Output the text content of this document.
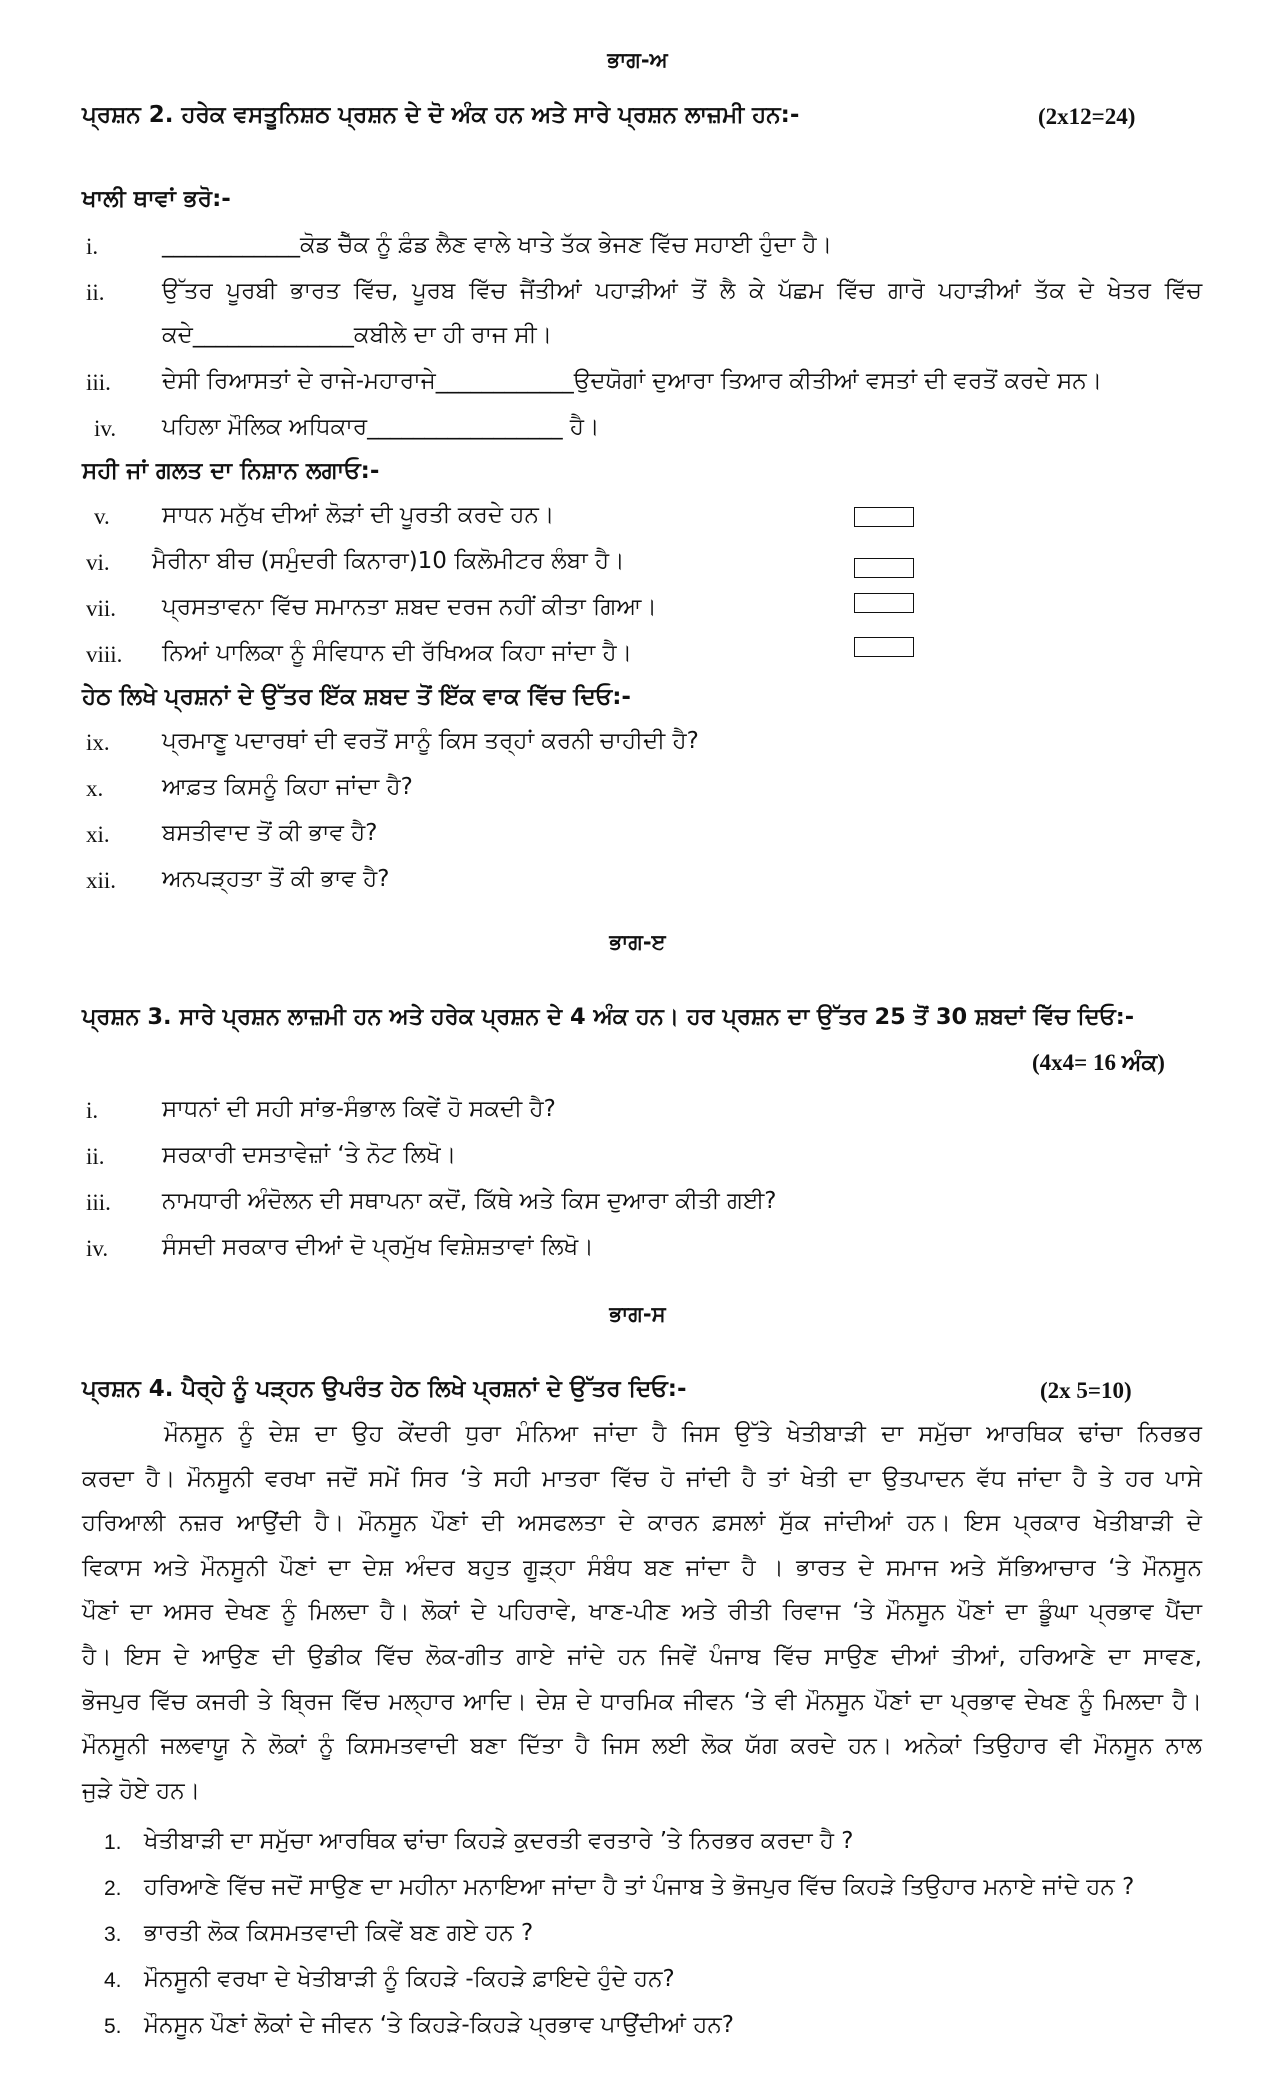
ਭਾਗ-ਅ
ਪ੍ਰਸ਼ਨ 2. ਹਰੇਕ ਵਸਤੂਨਿਸ਼ਠ ਪ੍ਰਸ਼ਨ ਦੇ ਦੋ ਅੰਕ ਹਨ ਅਤੇ ਸਾਰੇ ਪ੍ਰਸ਼ਨ ਲਾਜ਼ਮੀ ਹਨ:-	(2x12=24)
ਖਾਲੀ ਥਾਵਾਂ ਭਰੋ:-
i.	____________ਕੋਡ ਚੈੱਕ ਨੂੰ ਫ਼ੰਡ ਲੈਣ ਵਾਲੇ ਖਾਤੇ ਤੱਕ ਭੇਜਣ ਵਿੱਚ ਸਹਾਈ ਹੁੰਦਾ ਹੈ।
ii. ਉੱਤਰ ਪੂਰਬੀ ਭਾਰਤ ਵਿੱਚ, ਪੂਰਬ ਵਿੱਚ ਜੈਂਤੀਆਂ ਪਹਾੜੀਆਂ ਤੋਂ ਲੈ ਕੇ ਪੱਛਮ ਵਿੱਚ ਗਾਰੋ ਪਹਾੜੀਆਂ ਤੱਕ ਦੇ ਖੇਤਰ ਵਿੱਚ
ਕਦੇ______________ਕਬੀਲੇ ਦਾ ਹੀ ਰਾਜ ਸੀ।
iii. ਦੇਸੀ ਰਿਆਸਤਾਂ ਦੇ ਰਾਜੇ-ਮਹਾਰਾਜੇ____________ਉਦਯੋਗਾਂ ਦੁਆਰਾ ਤਿਆਰ ਕੀਤੀਆਂ ਵਸਤਾਂ ਦੀ ਵਰਤੋਂ ਕਰਦੇ ਸਨ।
iv. ਪਹਿਲਾ ਮੌਲਿਕ ਅਧਿਕਾਰ_________________ ਹੈ।
ਸਹੀ ਜਾਂ ਗਲਤ ਦਾ ਨਿਸ਼ਾਨ ਲਗਾਓ:-
v. ਸਾਧਨ ਮਨੁੱਖ ਦੀਆਂ ਲੋੜਾਂ ਦੀ ਪੂਰਤੀ ਕਰਦੇ ਹਨ।
vi. ਮੈਰੀਨਾ ਬੀਚ (ਸਮੁੰਦਰੀ ਕਿਨਾਰਾ)10 ਕਿਲੋਮੀਟਰ ਲੰਬਾ ਹੈ।
vii. ਪ੍ਰਸਤਾਵਨਾ ਵਿੱਚ ਸਮਾਨਤਾ ਸ਼ਬਦ ਦਰਜ ਨਹੀਂ ਕੀਤਾ ਗਿਆ।
viii. ਨਿਆਂ ਪਾਲਿਕਾ ਨੂੰ ਸੰਵਿਧਾਨ ਦੀ ਰੱਖਿਅਕ ਕਿਹਾ ਜਾਂਦਾ ਹੈ।
ਹੇਠ ਲਿਖੇ ਪ੍ਰਸ਼ਨਾਂ ਦੇ ਉੱਤਰ ਇੱਕ ਸ਼ਬਦ ਤੋਂ ਇੱਕ ਵਾਕ ਵਿੱਚ ਦਿਓ:-
ix. ਪ੍ਰਮਾਣੂ ਪਦਾਰਥਾਂ ਦੀ ਵਰਤੋਂ ਸਾਨੂੰ ਕਿਸ ਤਰ੍ਹਾਂ ਕਰਨੀ ਚਾਹੀਦੀ ਹੈ?
x.	ਆਫ਼ਤ ਕਿਸਨੂੰ ਕਿਹਾ ਜਾਂਦਾ ਹੈ?
xi. ਬਸਤੀਵਾਦ ਤੋਂ ਕੀ ਭਾਵ ਹੈ?
xii. ਅਨਪੜ੍ਹਤਾ ਤੋਂ ਕੀ ਭਾਵ ਹੈ?
ਭਾਗ-ੲ
ਪ੍ਰਸ਼ਨ 3. ਸਾਰੇ ਪ੍ਰਸ਼ਨ ਲਾਜ਼ਮੀ ਹਨ ਅਤੇ ਹਰੇਕ ਪ੍ਰਸ਼ਨ ਦੇ 4 ਅੰਕ ਹਨ। ਹਰ ਪ੍ਰਸ਼ਨ ਦਾ ਉੱਤਰ 25 ਤੋਂ 30 ਸ਼ਬਦਾਂ ਵਿੱਚ ਦਿਓ:-
(4x4= 16 ਅੰਕ)
i.	ਸਾਧਨਾਂ ਦੀ ਸਹੀ ਸਾਂਭ-ਸੰਭਾਲ ਕਿਵੇਂ ਹੋ ਸਕਦੀ ਹੈ?
ii. ਸਰਕਾਰੀ ਦਸਤਾਵੇਜ਼ਾਂ ‘ਤੇ ਨੋਟ ਲਿਖੋ।
iii. ਨਾਮਧਾਰੀ ਅੰਦੋਲਨ ਦੀ ਸਥਾਪਨਾ ਕਦੋਂ, ਕਿੱਥੇ ਅਤੇ ਕਿਸ ਦੁਆਰਾ ਕੀਤੀ ਗਈ?
iv. ਸੰਸਦੀ ਸਰਕਾਰ ਦੀਆਂ ਦੋ ਪ੍ਰਮੁੱਖ ਵਿਸ਼ੇਸ਼ਤਾਵਾਂ ਲਿਖੋ।
ਭਾਗ-ਸ
ਪ੍ਰਸ਼ਨ 4. ਪੈਰ੍ਹੇ ਨੂੰ ਪੜ੍ਹਨ ਉਪਰੰਤ ਹੇਠ ਲਿਖੇ ਪ੍ਰਸ਼ਨਾਂ ਦੇ ਉੱਤਰ ਦਿਓ:-	(2x 5=10)
ਮੌਨਸੂਨ ਨੂੰ ਦੇਸ਼ ਦਾ ਉਹ ਕੇਂਦਰੀ ਧੁਰਾ ਮੰਨਿਆ ਜਾਂਦਾ ਹੈ ਜਿਸ ਉੱਤੇ ਖੇਤੀਬਾੜੀ ਦਾ ਸਮੁੱਚਾ ਆਰਥਿਕ ਢਾਂਚਾ ਨਿਰਭਰ
ਕਰਦਾ ਹੈ। ਮੌਨਸੂਨੀ ਵਰਖਾ ਜਦੋਂ ਸਮੇਂ ਸਿਰ ‘ਤੇ ਸਹੀ ਮਾਤਰਾ ਵਿੱਚ ਹੋ ਜਾਂਦੀ ਹੈ ਤਾਂ ਖੇਤੀ ਦਾ ਉਤਪਾਦਨ ਵੱਧ ਜਾਂਦਾ ਹੈ ਤੇ ਹਰ ਪਾਸੇ
ਹਰਿਆਲੀ ਨਜ਼ਰ ਆਉਂਦੀ ਹੈ। ਮੌਨਸੂਨ ਪੌਣਾਂ ਦੀ ਅਸਫਲਤਾ ਦੇ ਕਾਰਨ ਫ਼ਸਲਾਂ ਸੁੱਕ ਜਾਂਦੀਆਂ ਹਨ। ਇਸ ਪ੍ਰਕਾਰ ਖੇਤੀਬਾੜੀ ਦੇ
ਵਿਕਾਸ ਅਤੇ ਮੌਨਸੂਨੀ ਪੌਣਾਂ ਦਾ ਦੇਸ਼ ਅੰਦਰ ਬਹੁਤ ਗੂੜ੍ਹਾ ਸੰਬੰਧ ਬਣ ਜਾਂਦਾ ਹੈ । ਭਾਰਤ ਦੇ ਸਮਾਜ ਅਤੇ ਸੱਭਿਆਚਾਰ ‘ਤੇ ਮੌਨਸੂਨ
ਪੌਣਾਂ ਦਾ ਅਸਰ ਦੇਖਣ ਨੂੰ ਮਿਲਦਾ ਹੈ। ਲੋਕਾਂ ਦੇ ਪਹਿਰਾਵੇ, ਖਾਣ-ਪੀਣ ਅਤੇ ਰੀਤੀ ਰਿਵਾਜ ‘ਤੇ ਮੌਨਸੂਨ ਪੌਣਾਂ ਦਾ ਡੂੰਘਾ ਪ੍ਰਭਾਵ ਪੈਂਦਾ
ਹੈ। ਇਸ ਦੇ ਆਉਣ ਦੀ ਉਡੀਕ ਵਿੱਚ ਲੋਕ-ਗੀਤ ਗਾਏ ਜਾਂਦੇ ਹਨ ਜਿਵੇਂ ਪੰਜਾਬ ਵਿੱਚ ਸਾਉਣ ਦੀਆਂ ਤੀਆਂ, ਹਰਿਆਣੇ ਦਾ ਸਾਵਣ,
ਭੋਜਪੁਰ ਵਿੱਚ ਕਜਰੀ ਤੇ ਬ੍ਰਿਜ ਵਿੱਚ ਮਲ੍ਹਾਰ ਆਦਿ। ਦੇਸ਼ ਦੇ ਧਾਰਮਿਕ ਜੀਵਨ ‘ਤੇ ਵੀ ਮੌਨਸੂਨ ਪੌਣਾਂ ਦਾ ਪ੍ਰਭਾਵ ਦੇਖਣ ਨੂੰ ਮਿਲਦਾ ਹੈ।
ਮੌਨਸੂਨੀ ਜਲਵਾਯੂ ਨੇ ਲੋਕਾਂ ਨੂੰ ਕਿਸਮਤਵਾਦੀ ਬਣਾ ਦਿੱਤਾ ਹੈ ਜਿਸ ਲਈ ਲੋਕ ਯੱਗ ਕਰਦੇ ਹਨ। ਅਨੇਕਾਂ ਤਿਉਹਾਰ ਵੀ ਮੌਨਸੂਨ ਨਾਲ
ਜੁੜੇ ਹੋਏ ਹਨ।
1. ਖੇਤੀਬਾੜੀ ਦਾ ਸਮੁੱਚਾ ਆਰਥਿਕ ਢਾਂਚਾ ਕਿਹੜੇ ਕੁਦਰਤੀ ਵਰਤਾਰੇ ’ਤੇ ਨਿਰਭਰ ਕਰਦਾ ਹੈ ?
2. ਹਰਿਆਣੇ ਵਿੱਚ ਜਦੋਂ ਸਾਉਣ ਦਾ ਮਹੀਨਾ ਮਨਾਇਆ ਜਾਂਦਾ ਹੈ ਤਾਂ ਪੰਜਾਬ ਤੇ ਭੋਜਪੁਰ ਵਿੱਚ ਕਿਹੜੇ ਤਿਉਹਾਰ ਮਨਾਏ ਜਾਂਦੇ ਹਨ ?
3. ਭਾਰਤੀ ਲੋਕ ਕਿਸਮਤਵਾਦੀ ਕਿਵੇਂ ਬਣ ਗਏ ਹਨ ?
4. ਮੌਨਸੂਨੀ ਵਰਖਾ ਦੇ ਖੇਤੀਬਾੜੀ ਨੂੰ ਕਿਹੜੇ -ਕਿਹੜੇ ਫ਼ਾਇਦੇ ਹੁੰਦੇ ਹਨ?
5. ਮੌਨਸੂਨ ਪੌਣਾਂ ਲੋਕਾਂ ਦੇ ਜੀਵਨ ‘ਤੇ ਕਿਹੜੇ-ਕਿਹੜੇ ਪ੍ਰਭਾਵ ਪਾਉਂਦੀਆਂ ਹਨ?
